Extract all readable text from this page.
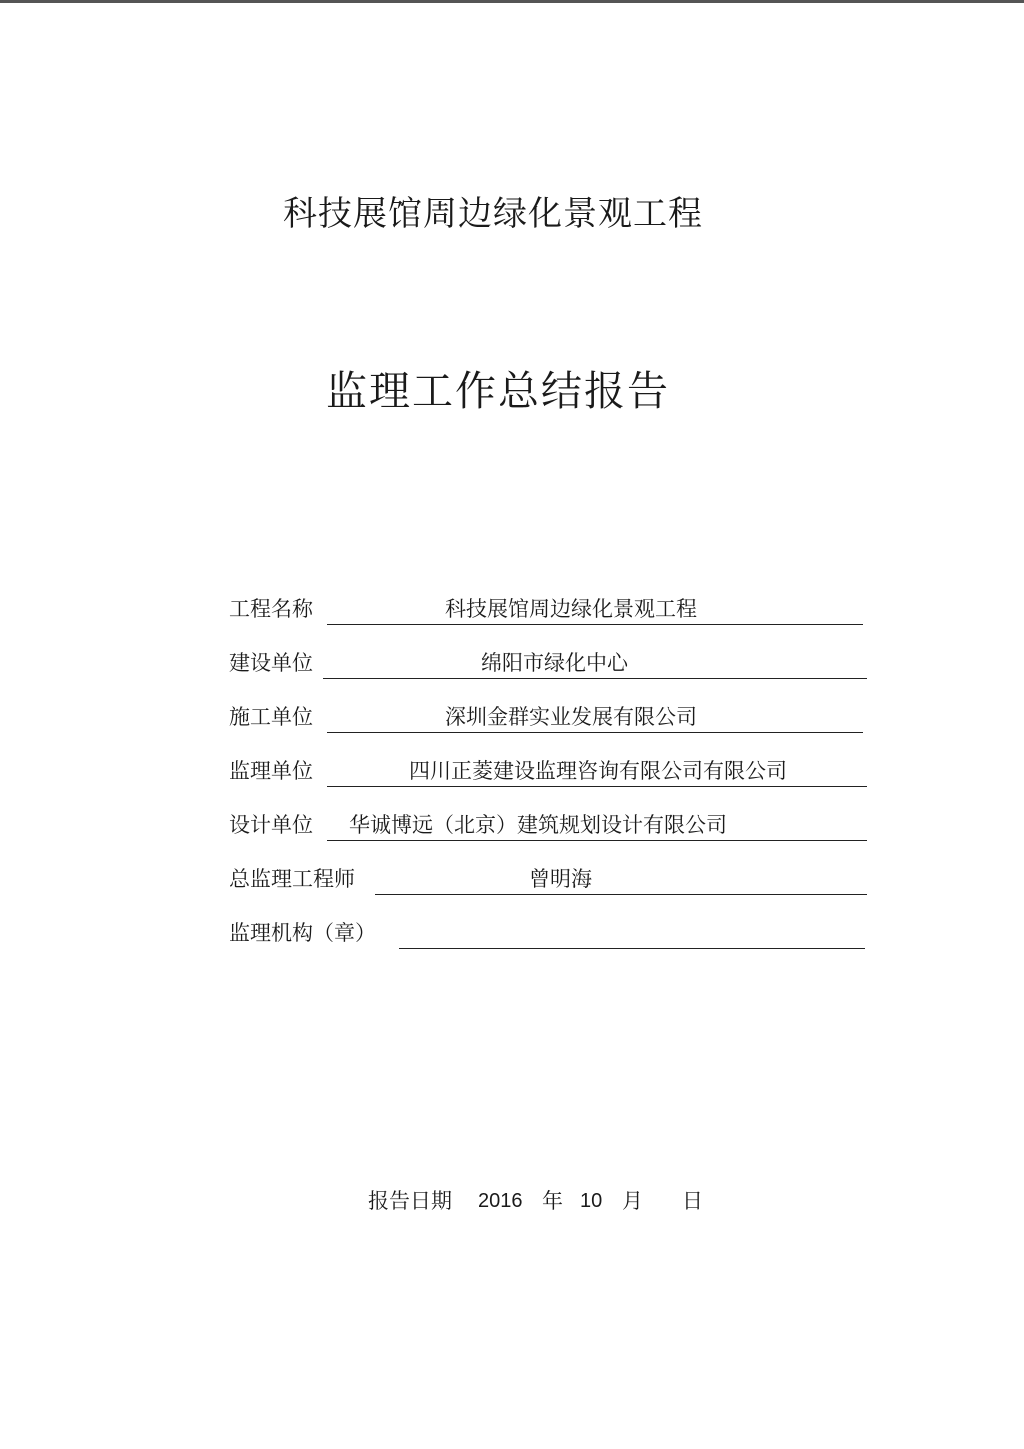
科技展馆周边绿化景观工程
监理工作总结报告
工程名称	科技展馆周边绿化景观工程
建设单位	绵阳市绿化中心
施工单位	深圳金群实业发展有限公司
监理单位	四川正菱建设监理咨询有限公司有限公司
设计单位 华诚博远（北京）建筑规划设计有限公司
总监理工程师	曾明海
监理机构（章）
报告日期 2016 年 10 月 日
